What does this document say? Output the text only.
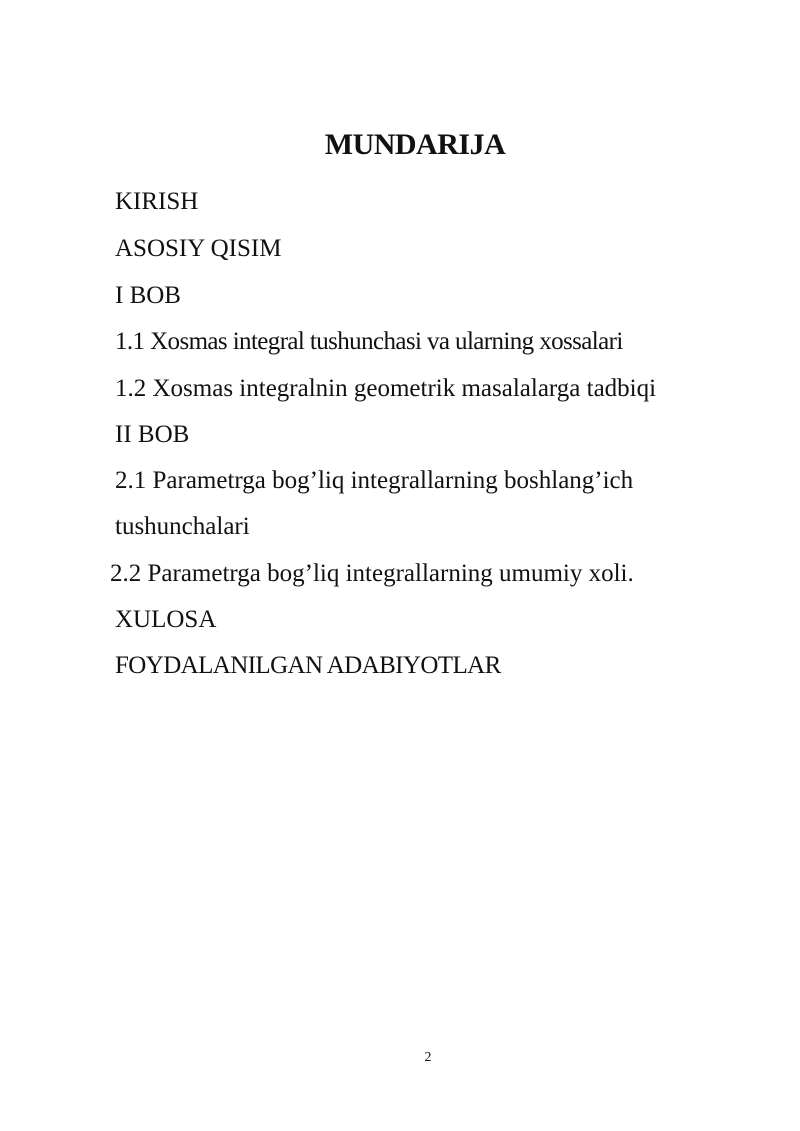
MUNDARIJA

KIRISH

ASOSIY QISIM

I BOB

1.1 Xosmas integral tushunchasi va ularning xossalari

1.2 Xosmas integralnin geometrik masalalarga tadbiqi

II BOB

2.1 Parametrga bog’liq integrallarning boshlang’ich

tushunchalari

2.2 Parametrga bog’liq integrallarning umumiy xoli.

XULOSA

FOYDALANILGAN ADABIYOTLAR

2
